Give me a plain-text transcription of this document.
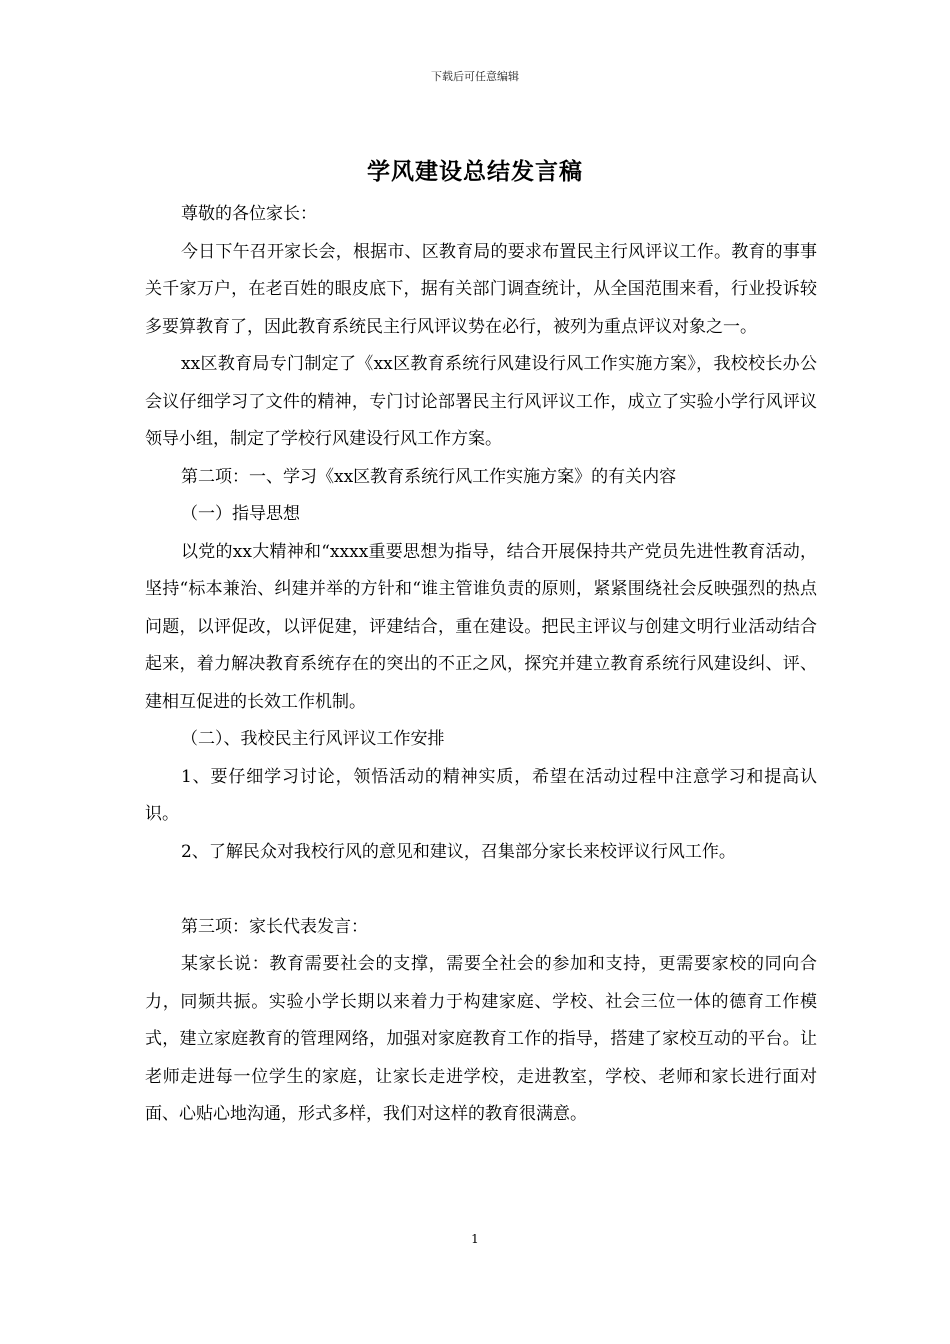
下载后可任意编辑
学风建设总结发言稿

尊敬的各位家长：

今日下午召开家长会，根据市、区教育局的要求布置民主行风评议工作。教育的事事关千家万户，在老百姓的眼皮底下，据有关部门调查统计，从全国范围来看，行业投诉较多要算教育了，因此教育系统民主行风评议势在必行，被列为重点评议对象之一。

xx区教育局专门制定了《xx区教育系统行风建设行风工作实施方案》，我校校长办公会议仔细学习了文件的精神，专门讨论部署民主行风评议工作，成立了实验小学行风评议领导小组，制定了学校行风建设行风工作方案。

第二项：一、学习《xx区教育系统行风工作实施方案》的有关内容

（一）指导思想

以党的xx大精神和“xxxx重要思想为指导，结合开展保持共产党员先进性教育活动，坚持“标本兼治、纠建并举的方针和“谁主管谁负责的原则，紧紧围绕社会反映强烈的热点问题，以评促改，以评促建，评建结合，重在建设。把民主评议与创建文明行业活动结合起来，着力解决教育系统存在的突出的不正之风，探究并建立教育系统行风建设纠、评、建相互促进的长效工作机制。

（二）、我校民主行风评议工作安排

1、要仔细学习讨论，领悟活动的精神实质，希望在活动过程中注意学习和提高认识。

2、了解民众对我校行风的意见和建议，召集部分家长来校评议行风工作。

第三项：家长代表发言：

某家长说：教育需要社会的支撑，需要全社会的参加和支持，更需要家校的同向合力，同频共振。实验小学长期以来着力于构建家庭、学校、社会三位一体的德育工作模式，建立家庭教育的管理网络，加强对家庭教育工作的指导，搭建了家校互动的平台。让老师走进每一位学生的家庭，让家长走进学校，走进教室，学校、老师和家长进行面对面、心贴心地沟通，形式多样，我们对这样的教育很满意。

1
